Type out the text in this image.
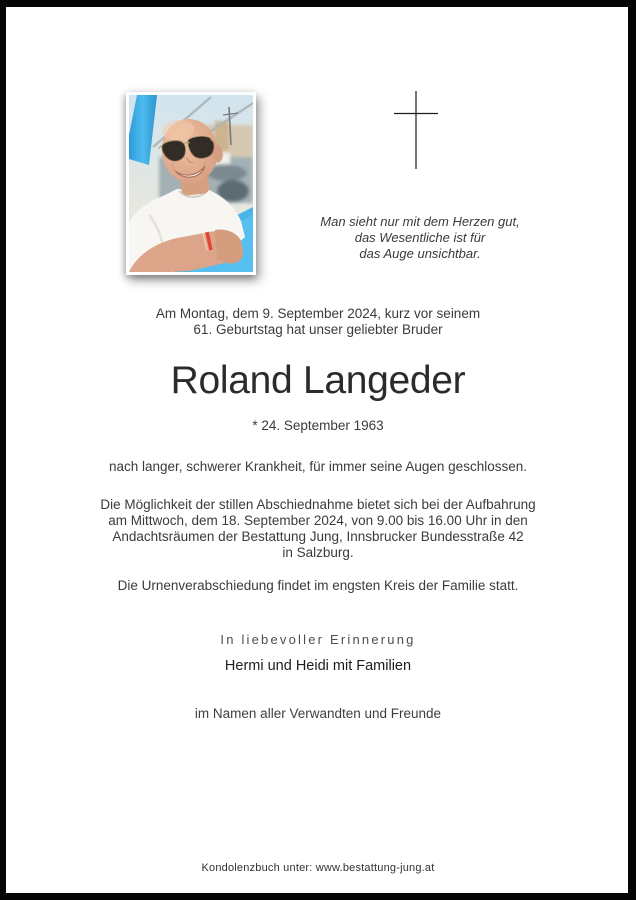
Man sieht nur mit dem Herzen gut,
das Wesentliche ist für
das Auge unsichtbar.
Am Montag, dem 9. September 2024, kurz vor seinem
61. Geburtstag hat unser geliebter Bruder
Roland Langeder
* 24. September 1963
nach langer, schwerer Krankheit, für immer seine Augen geschlossen.
Die Möglichkeit der stillen Abschiednahme bietet sich bei der Aufbahrung
am Mittwoch, dem 18. September 2024, von 9.00 bis 16.00 Uhr in den
Andachtsräumen der Bestattung Jung, Innsbrucker Bundesstraße 42
in Salzburg.
Die Urnenverabschiedung findet im engsten Kreis der Familie statt.
In liebevoller Erinnerung
Hermi und Heidi mit Familien
im Namen aller Verwandten und Freunde
Kondolenzbuch unter: www.bestattung-jung.at
